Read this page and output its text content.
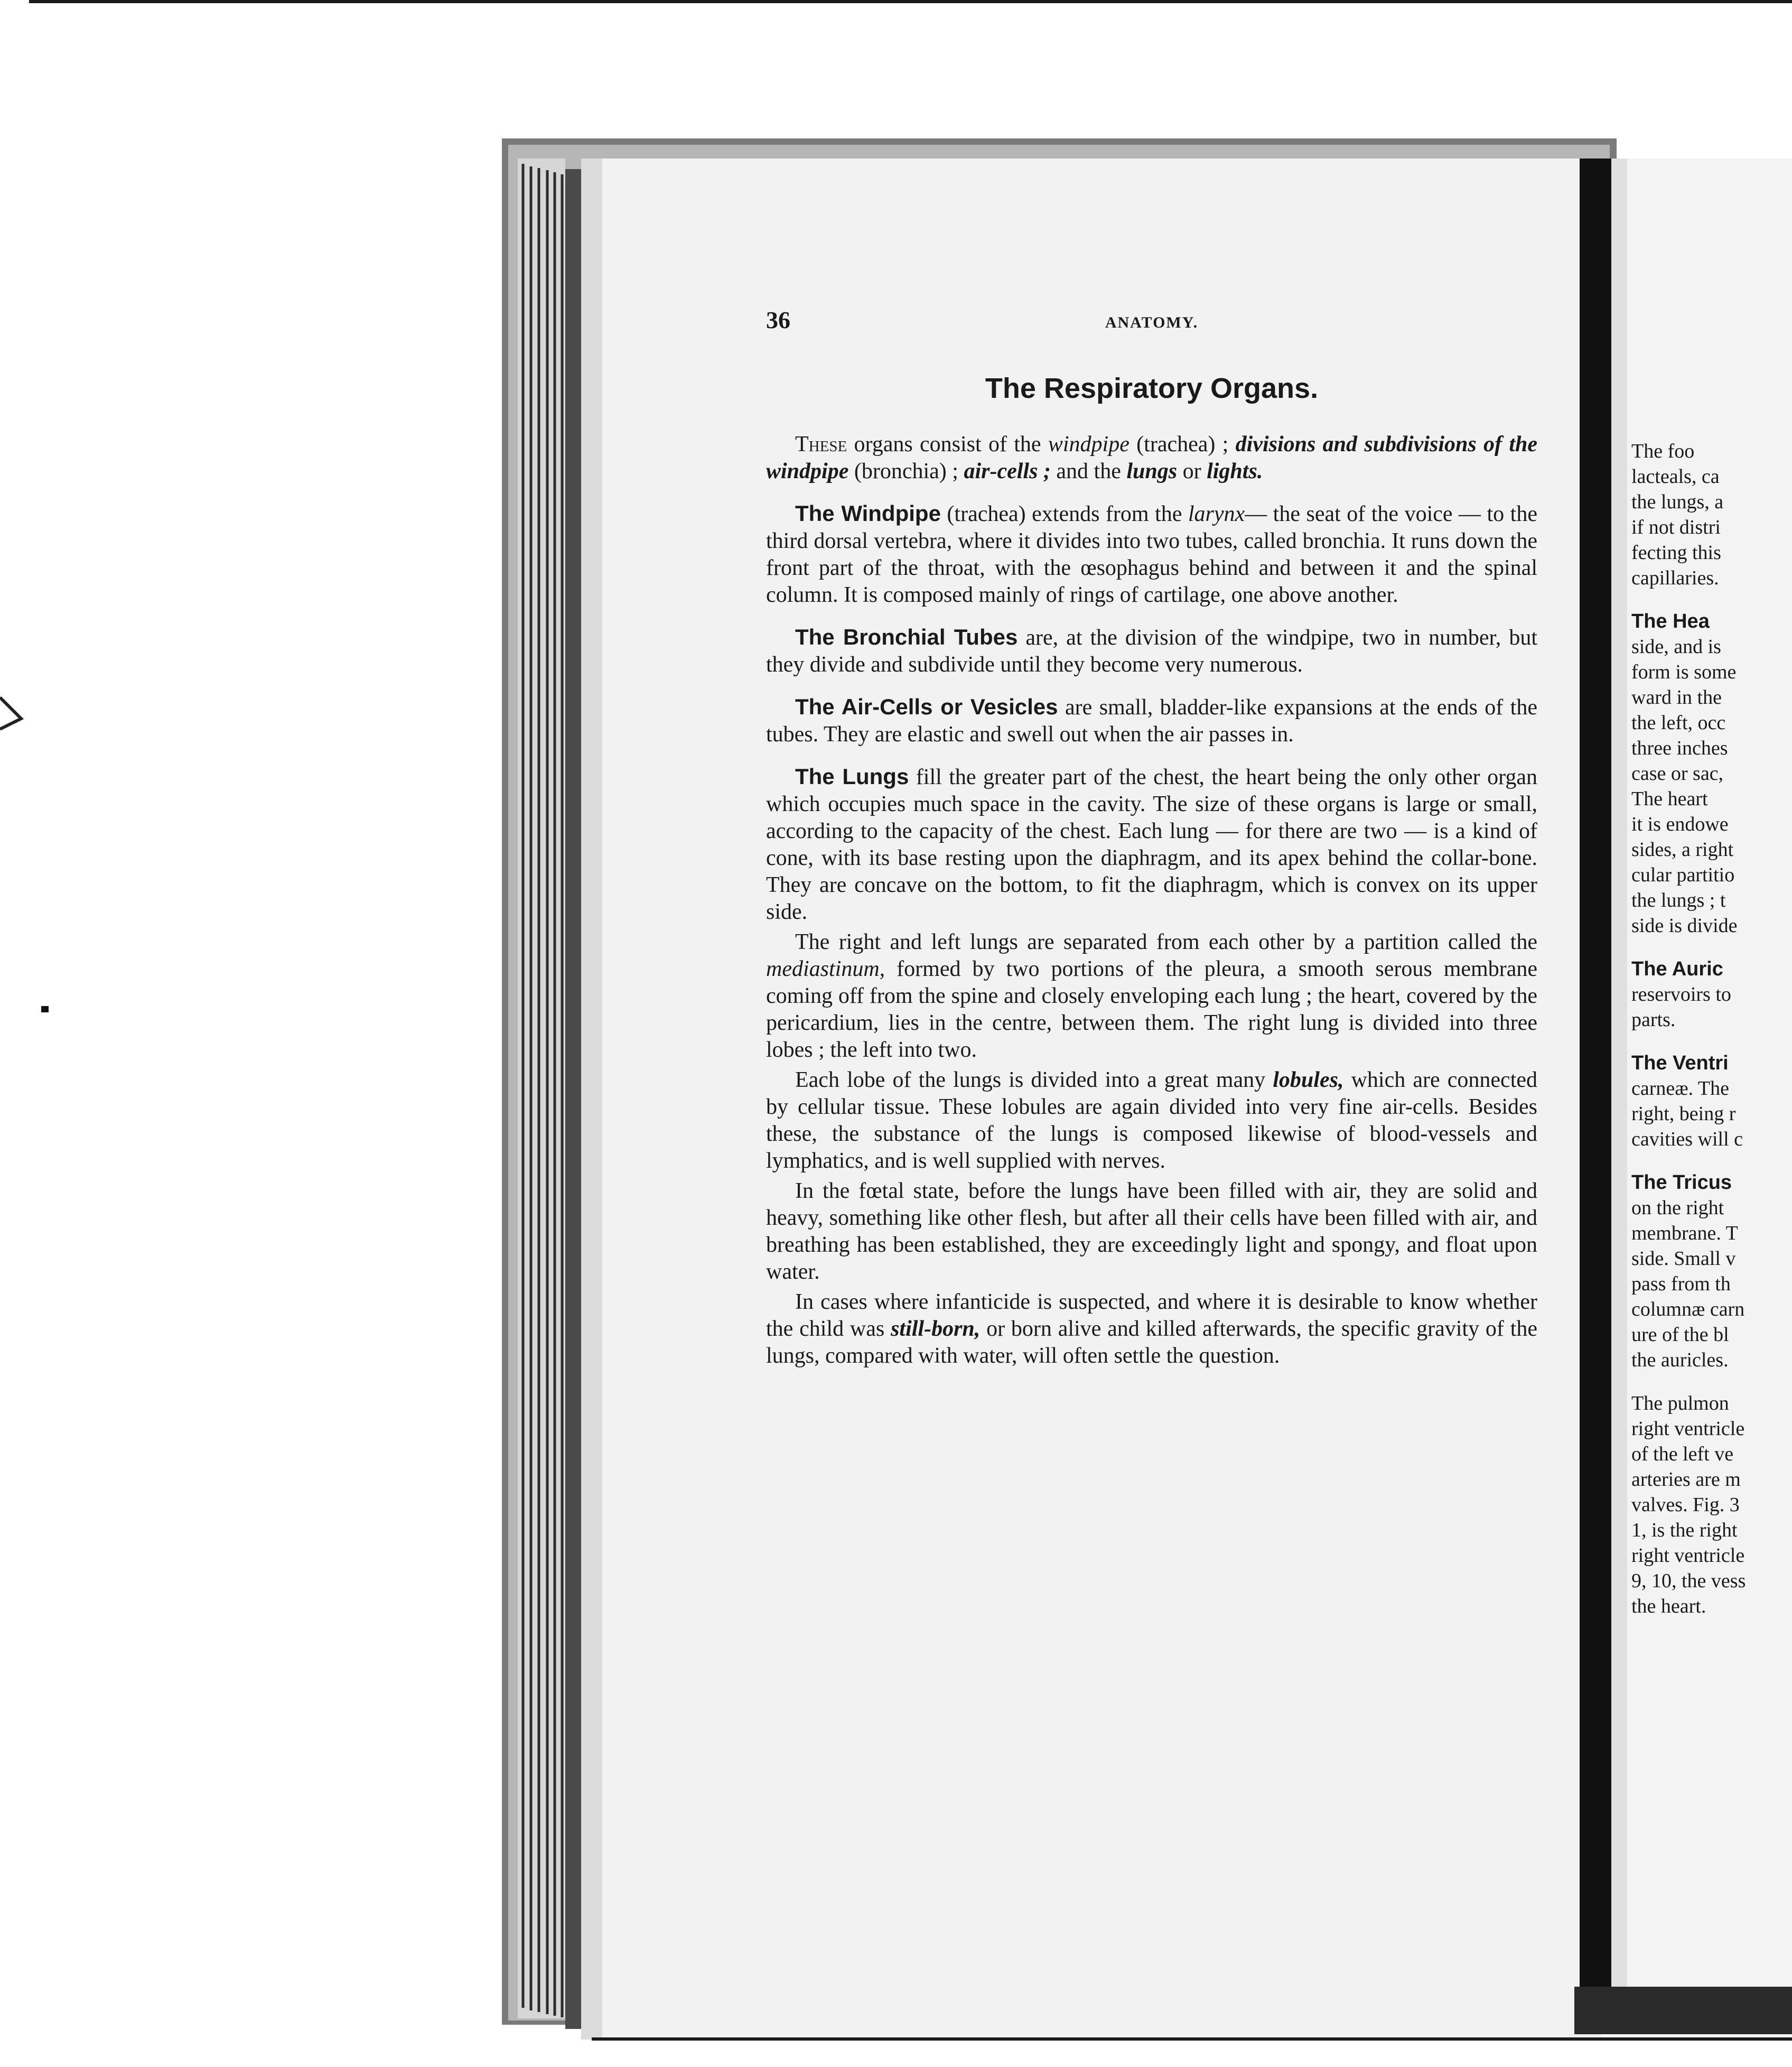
36	ANATOMY.
The Respiratory Organs.

These organs consist of the windpipe (trachea) ; divisions and subdivisions of the windpipe (bronchia) ; air-cells ; and the lungs or lights.

The Windpipe (trachea) extends from the larynx— the seat of the voice — to the third dorsal vertebra, where it divides into two tubes, called bronchia. It runs down the front part of the throat, with the œsophagus behind and between it and the spinal column. It is composed mainly of rings of cartilage, one above another.

The Bronchial Tubes are, at the division of the windpipe, two in number, but they divide and subdivide until they become very numerous.

The Air-Cells or Vesicles are small, bladder-like expansions at the ends of the tubes. They are elastic and swell out when the air passes in.

The Lungs fill the greater part of the chest, the heart being the only other organ which occupies much space in the cavity. The size of these organs is large or small, according to the capacity of the chest. Each lung — for there are two — is a kind of cone, with its base resting upon the diaphragm, and its apex behind the collar-bone. They are concave on the bottom, to fit the diaphragm, which is convex on its upper side.

The right and left lungs are separated from each other by a partition called the mediastinum, formed by two portions of the pleura, a smooth serous membrane coming off from the spine and closely enveloping each lung ; the heart, covered by the pericardium, lies in the centre, between them. The right lung is divided into three lobes ; the left into two.

Each lobe of the lungs is divided into a great many lobules, which are connected by cellular tissue. These lobules are again divided into very fine air-cells. Besides these, the substance of the lungs is composed likewise of blood-vessels and lymphatics, and is well supplied with nerves.

In the fœtal state, before the lungs have been filled with air, they are solid and heavy, something like other flesh, but after all their cells have been filled with air, and breathing has been established, they are exceedingly light and spongy, and float upon water.

In cases where infanticide is suspected, and where it is desirable to know whether the child was still-born, or born alive and killed afterwards, the specific gravity of the lungs, compared with water, will often settle the question.

The foo
lacteals, ca
the lungs, a
if not distri
fecting this
capillaries.
The Hea
side, and is
form is some
ward in the
the left, occ
three inches
case or sac,
The heart
it is endowe
sides, a right
cular partitio
the lungs ; t
side is divide
The Auric
reservoirs to
parts.
The Ventri
carneæ. The
right, being r
cavities will c
The Tricus
on the right
membrane. T
side. Small v
pass from th
columnæ carn
ure of the bl
the auricles.
The pulmon
right ventricle
of the left ve
arteries are m
valves. Fig. 3
1, is the right
right ventricle
9, 10, the vess
the heart.
